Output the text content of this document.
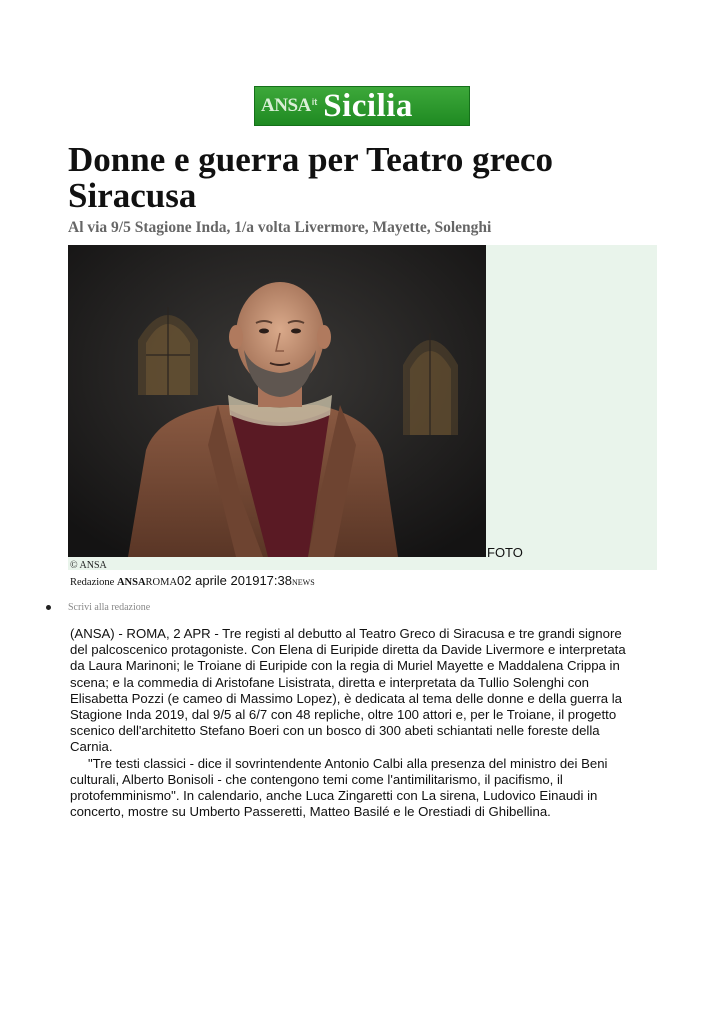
ANSA it Sicilia
Donne e guerra per Teatro greco Siracusa
Al via 9/5 Stagione Inda, 1/a volta Livermore, Mayette, Solenghi
FOTO
© ANSA
Redazione ANSAROMA02 aprile 201917:38NEWS
Scrivi alla redazione

(ANSA) - ROMA, 2 APR - Tre registi al debutto al Teatro Greco di Siracusa e tre grandi signore del palcoscenico protagoniste. Con Elena di Euripide diretta da Davide Livermore e interpretata da Laura Marinoni; le Troiane di Euripide con la regia di Muriel Mayette e Maddalena Crippa in scena; e la commedia di Aristofane Lisistrata, diretta e interpretata da Tullio Solenghi con Elisabetta Pozzi (e cameo di Massimo Lopez), è dedicata al tema delle donne e della guerra la Stagione Inda 2019, dal 9/5 al 6/7 con 48 repliche, oltre 100 attori e, per le Troiane, il progetto scenico dell'architetto Stefano Boeri con un bosco di 300 abeti schiantati nelle foreste della Carnia.

"Tre testi classici - dice il sovrintendente Antonio Calbi alla presenza del ministro dei Beni culturali, Alberto Bonisoli - che contengono temi come l'antimilitarismo, il pacifismo, il protofemminismo". In calendario, anche Luca Zingaretti con La sirena, Ludovico Einaudi in concerto, mostre su Umberto Passeretti, Matteo Basilé e le Orestiadi di Ghibellina.
